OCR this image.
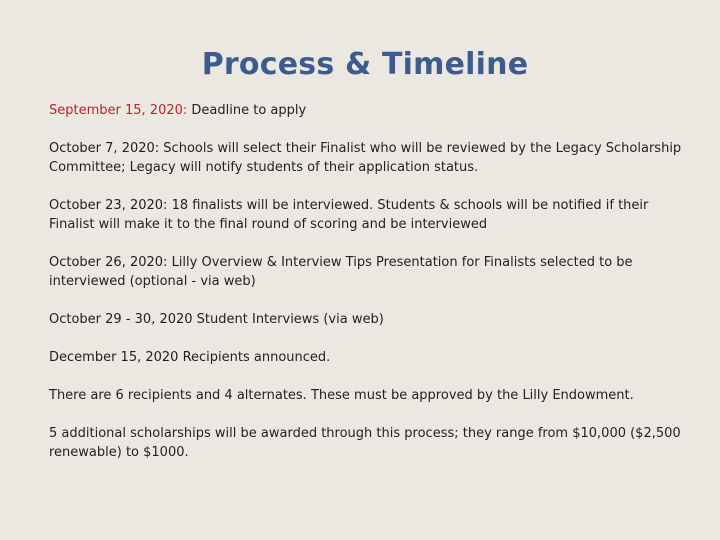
Process & Timeline

September 15, 2020: Deadline to apply

October 7, 2020: Schools will select their Finalist who will be reviewed by the Legacy Scholarship Committee; Legacy will notify students of their application status.

October 23, 2020: 18 finalists will be interviewed. Students & schools will be notified if their Finalist will make it to the final round of scoring and be interviewed

October 26, 2020: Lilly Overview & Interview Tips Presentation for Finalists selected to be interviewed (optional - via web)

October 29 - 30, 2020 Student Interviews (via web)

December 15, 2020 Recipients announced.

There are 6 recipients and 4 alternates. These must be approved by the Lilly Endowment.

5 additional scholarships will be awarded through this process; they range from $10,000 ($2,500 renewable) to $1000.
